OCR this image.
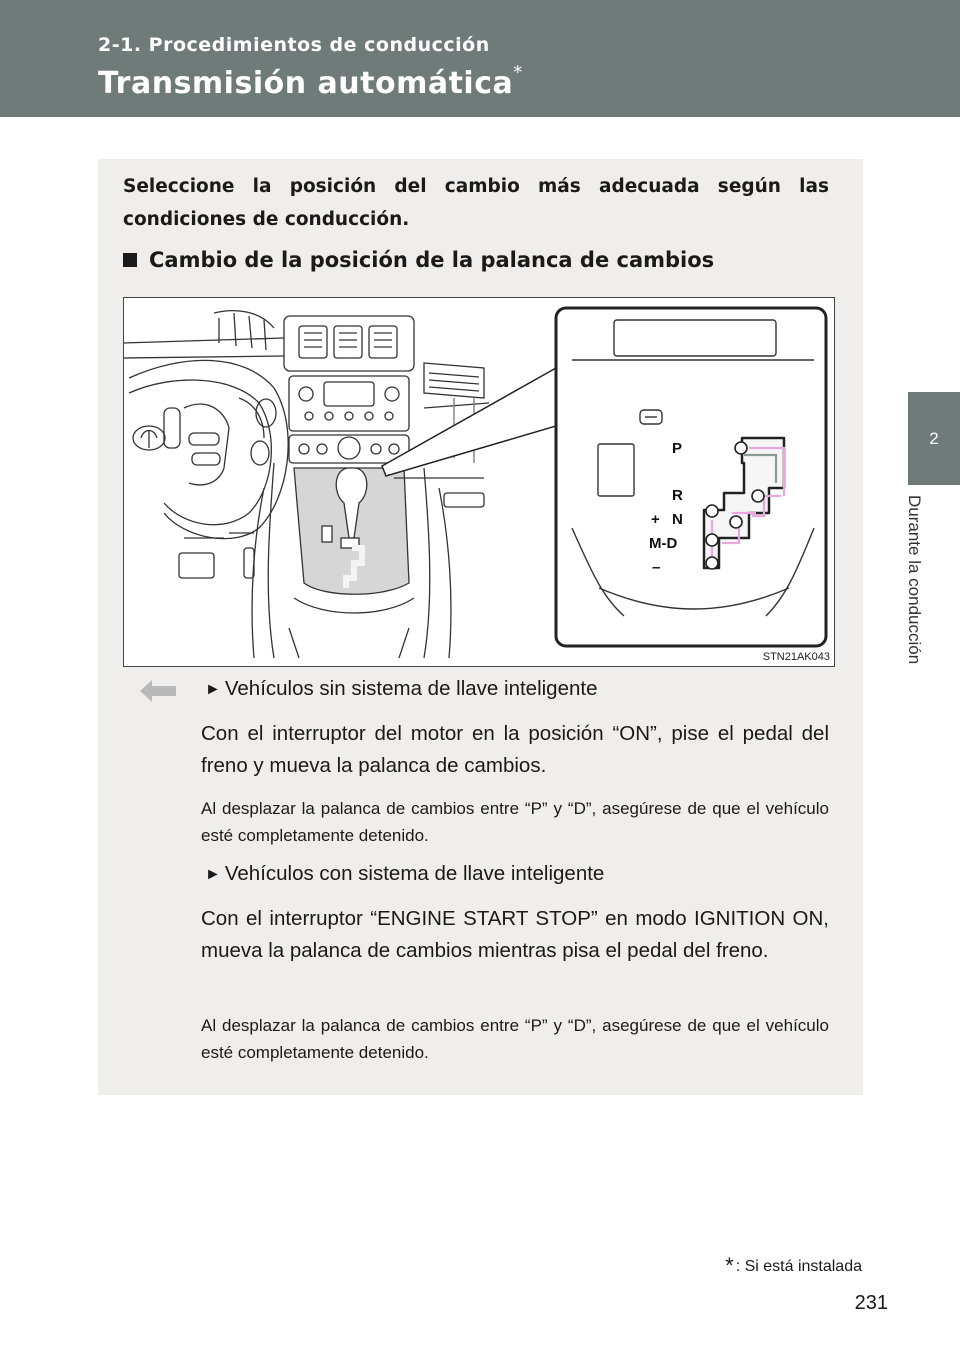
2-1. Procedimientos de conducción
Transmisión automática*
2
Durante la conducción
Seleccione la posición del cambio más adecuada según las condiciones de conducción.
Cambio de la posición de la palanca de cambios
P
R
+ N
M-D
–
STN21AK043
► Vehículos sin sistema de llave inteligente
Con el interruptor del motor en la posición “ON”, pise el pedal del freno y mueva la palanca de cambios.
Al desplazar la palanca de cambios entre “P” y “D”, asegúrese de que el vehículo esté completamente detenido.
► Vehículos con sistema de llave inteligente
Con el interruptor “ENGINE START STOP” en modo IGNITION ON, mueva la palanca de cambios mientras pisa el pedal del freno.
Al desplazar la palanca de cambios entre “P” y “D”, asegúrese de que el vehículo esté completamente detenido.
* : Si está instalada
231
